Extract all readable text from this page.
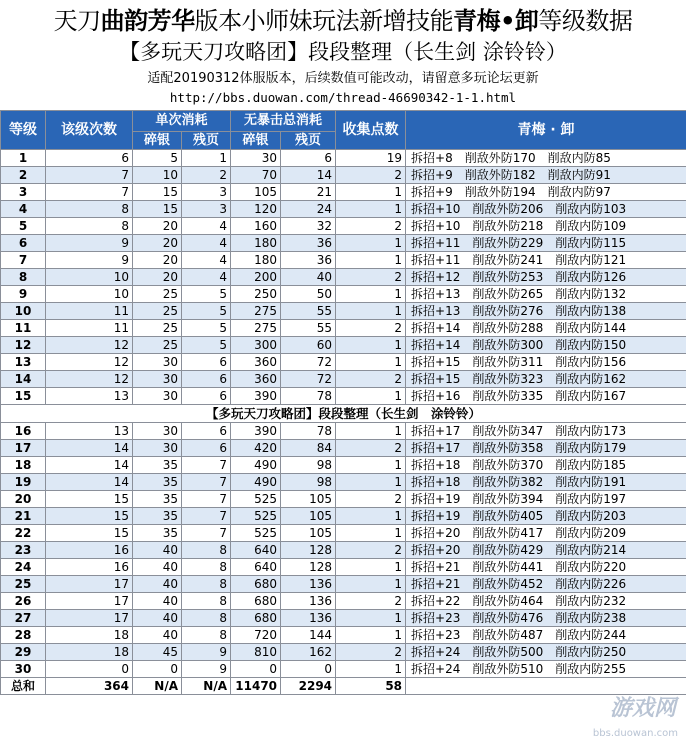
天刀曲韵芳华版本小师妹玩法新增技能青梅•卸等级数据
【多玩天刀攻略团】段段整理（长生剑 涂铃铃）
适配20190312体服版本，后续数值可能改动，请留意多玩论坛更新
http://bbs.duowan.com/thread-46690342-1-1.html
等级	该级次数	单次消耗		无暴击总消耗		收集点数	青梅 · 卸
		碎银	残页	碎银	残页		
1	6	5	1	30	6	19	拆招+8　削敌外防170　削敌内防85
2	7	10	2	70	14	2	拆招+9　削敌外防182　削敌内防91
3	7	15	3	105	21	1	拆招+9　削敌外防194　削敌内防97
4	8	15	3	120	24	1	拆招+10　削敌外防206　削敌内防103
5	8	20	4	160	32	2	拆招+10　削敌外防218　削敌内防109
6	9	20	4	180	36	1	拆招+11　削敌外防229　削敌内防115
7	9	20	4	180	36	1	拆招+11　削敌外防241　削敌内防121
8	10	20	4	200	40	2	拆招+12　削敌外防253　削敌内防126
9	10	25	5	250	50	1	拆招+13　削敌外防265　削敌内防132
10	11	25	5	275	55	1	拆招+13　削敌外防276　削敌内防138
11	11	25	5	275	55	2	拆招+14　削敌外防288　削敌内防144
12	12	25	5	300	60	1	拆招+14　削敌外防300　削敌内防150
13	12	30	6	360	72	1	拆招+15　削敌外防311　削敌内防156
14	12	30	6	360	72	2	拆招+15　削敌外防323　削敌内防162
15	13	30	6	390	78	1	拆招+16　削敌外防335　削敌内防167
【多玩天刀攻略团】段段整理（长生剑　涂铃铃）							
16	13	30	6	390	78	1	拆招+17　削敌外防347　削敌内防173
17	14	30	6	420	84	2	拆招+17　削敌外防358　削敌内防179
18	14	35	7	490	98	1	拆招+18　削敌外防370　削敌内防185
19	14	35	7	490	98	1	拆招+18　削敌外防382　削敌内防191
20	15	35	7	525	105	2	拆招+19　削敌外防394　削敌内防197
21	15	35	7	525	105	1	拆招+19　削敌外防405　削敌内防203
22	15	35	7	525	105	1	拆招+20　削敌外防417　削敌内防209
23	16	40	8	640	128	2	拆招+20　削敌外防429　削敌内防214
24	16	40	8	640	128	1	拆招+21　削敌外防441　削敌内防220
25	17	40	8	680	136	1	拆招+21　削敌外防452　削敌内防226
26	17	40	8	680	136	2	拆招+22　削敌外防464　削敌内防232
27	17	40	8	680	136	1	拆招+23　削敌外防476　削敌内防238
28	18	40	8	720	144	1	拆招+23　削敌外防487　削敌内防244
29	18	45	9	810	162	2	拆招+24　削敌外防500　削敌内防250
30	0	0	9	0	0	1	拆招+24　削敌外防510　削敌内防255
总和	364	N/A	N/A	11470	2294	58	
游戏网
bbs.duowan.com
